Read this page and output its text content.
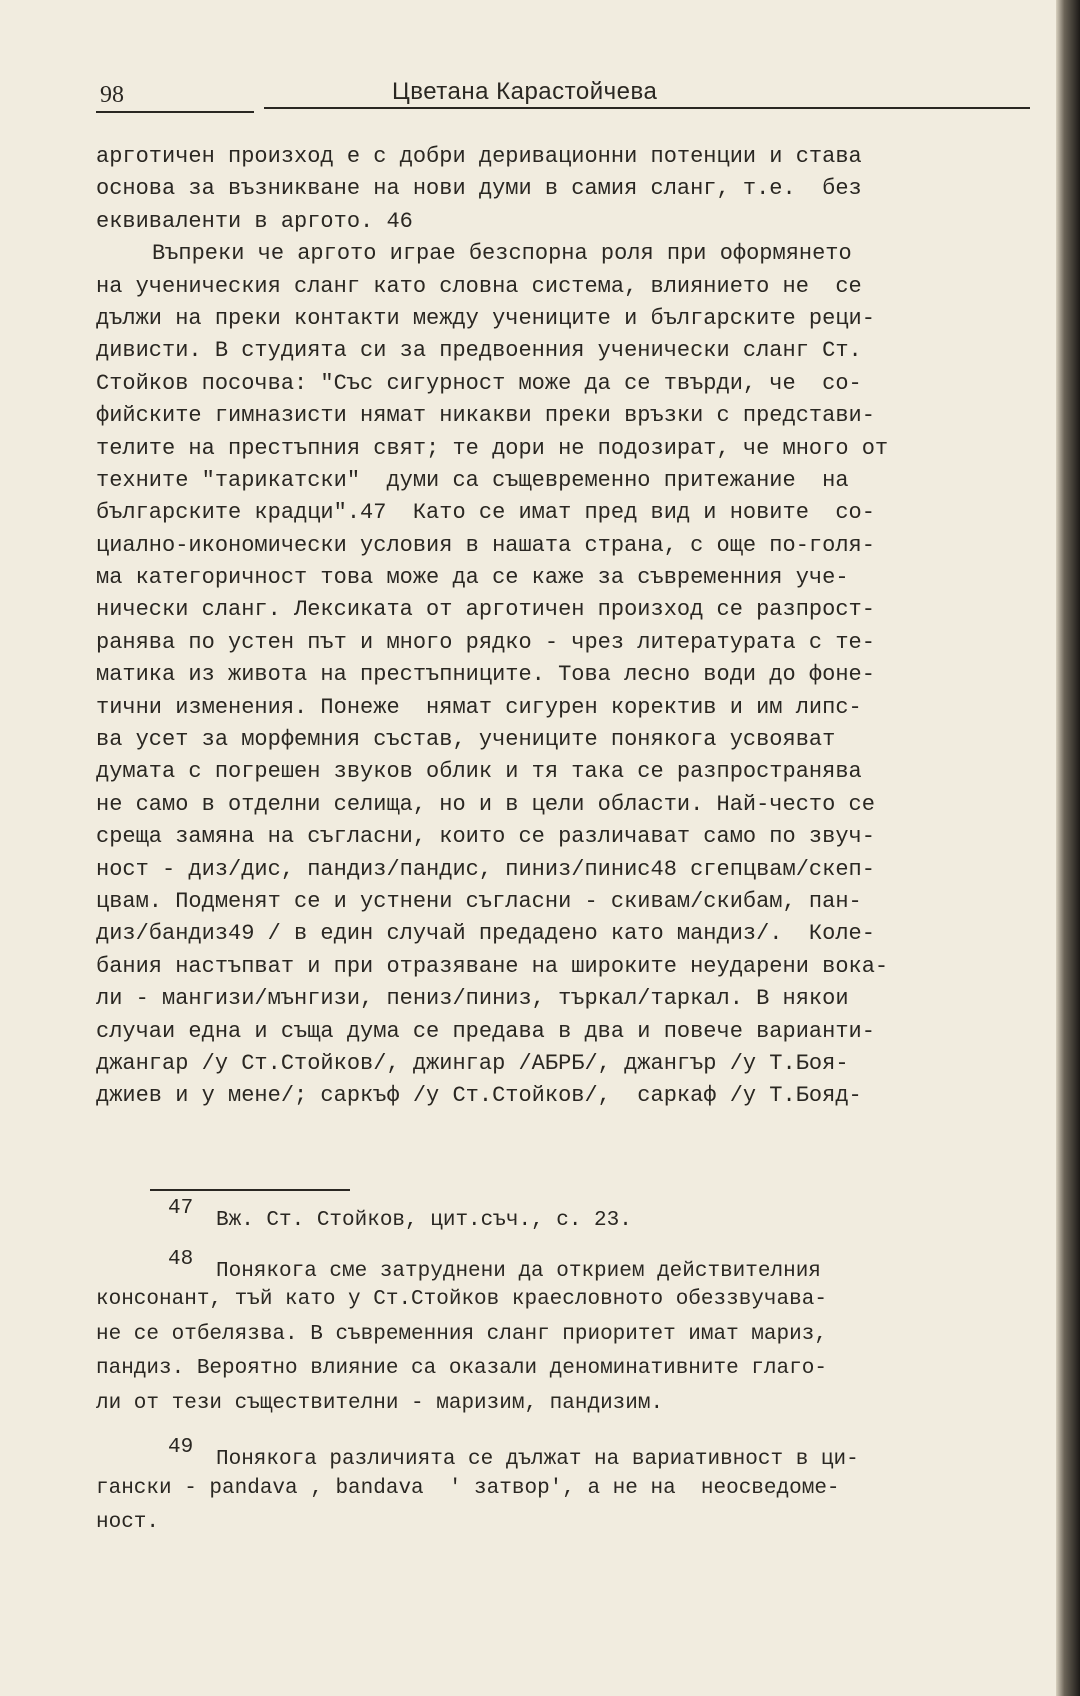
98	Цветана Карастойчева
арготичен произход е с добри деривационни потенции и става
основа за възникване на нови думи в самия сланг, т.е.  без
еквиваленти в аргото. 46
Въпреки че аргото играе безспорна роля при оформянето
на ученическия сланг като словна система, влиянието не  се
дължи на преки контакти между учениците и българските реци-
дивисти. В студията си за предвоенния ученически сланг Ст.
Стойков посочва: "Със сигурност може да се твърди, че  со-
фийските гимназисти нямат никакви преки връзки с представи-
телите на престъпния свят; те дори не подозират, че много от
техните "тарикатски"  думи са същевременно притежание  на
българските крадци".47  Като се имат пред вид и новите  со-
циално-икономически условия в нашата страна, с още по-голя-
ма категоричност това може да се каже за съвременния уче-
нически сланг. Лексиката от арготичен произход се разпрост-
ранява по устен път и много рядко - чрез литературата с те-
матика из живота на престъпниците. Това лесно води до фоне-
тични изменения. Понеже  нямат сигурен коректив и им липс-
ва усет за морфемния състав, учениците понякога усвояват
думата с погрешен звуков облик и тя така се разпространява
не само в отделни селища, но и в цели области. Най-често се
среща замяна на съгласни, които се различават само по звуч-
ност - диз/дис, пандиз/пандис, пиниз/пинис48 сгепцвам/скеп-
цвам. Подменят се и устнени съгласни - скивам/скибам, пан-
диз/бандиз49 / в един случай предадено като мандиз/.  Коле-
бания настъпват и при отразяване на широките неударени вока-
ли - мангизи/мънгизи, пениз/пиниз, търкал/таркал. В някои
случаи една и съща дума се предава в два и повече варианти-
джангар /у Ст.Стойков/, джингар /АБРБ/, джангър /у Т.Боя-
джиев и у мене/; саркъф /у Ст.Стойков/,  саркаф /у Т.Бояд-
47Вж. Ст. Стойков, цит.съч., с. 23.
48Понякога сме затруднени да открием действителния
консонант, тъй като у Ст.Стойков краесловното обеззвучава-
не се отбелязва. В съвременния сланг приоритет имат мариз,
пандиз. Вероятно влияние са оказали деноминативните глаго-
ли от тези съществителни - маризим, пандизим.
49Понякога различията се дължат на вариативност в ци-
гански - pandava , bandava  ' затвор', а не на  неосведоме-
ност.
